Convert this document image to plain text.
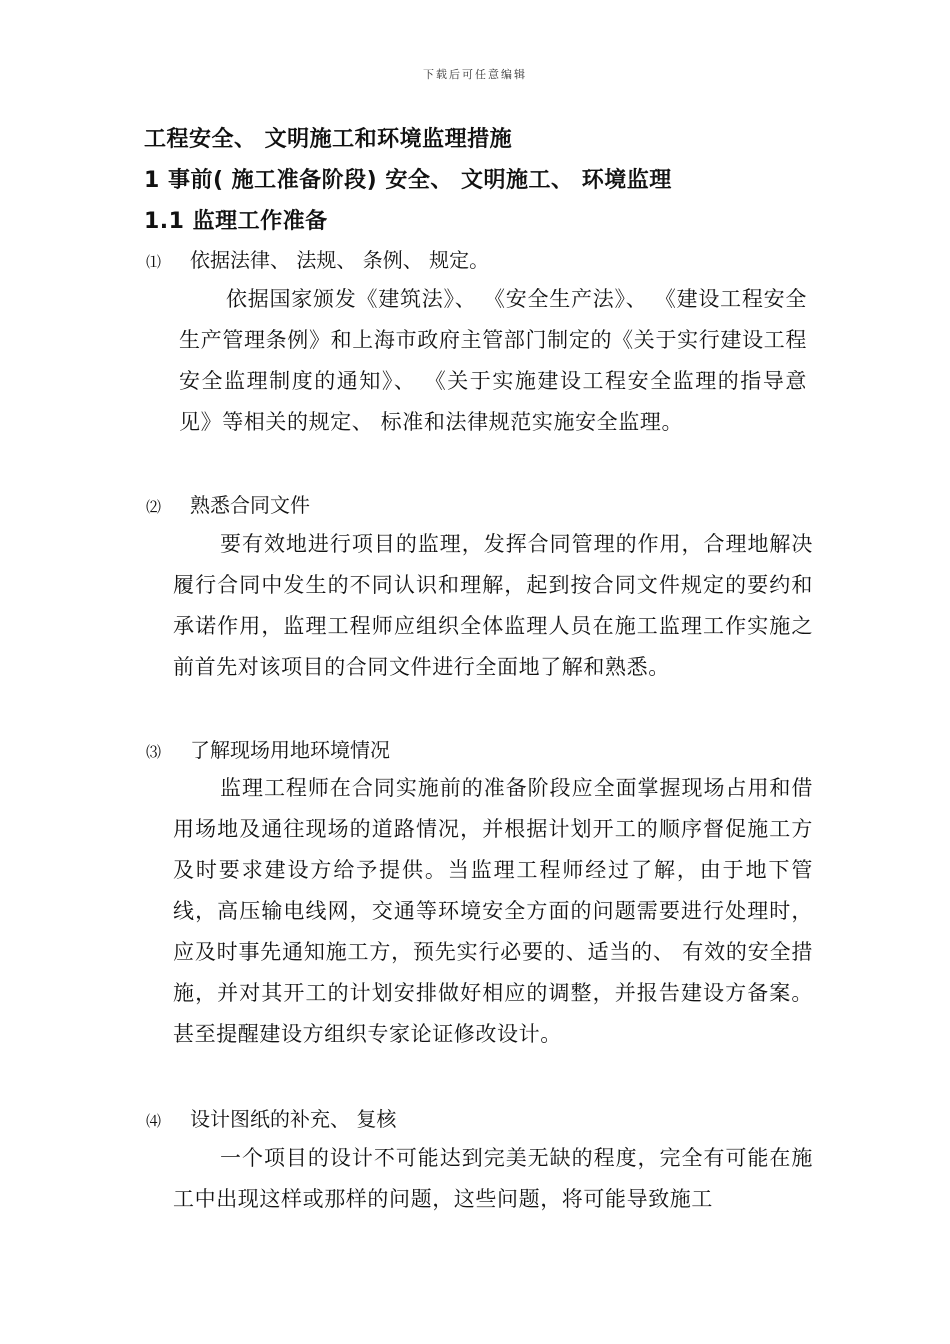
下载后可任意编辑
工程安全、 文明施工和环境监理措施
1 事前( 施工准备阶段) 安全、 文明施工、 环境监理
1.1 监理工作准备
⑴ 依据法律、 法规、 条例、 规定。

依据国家颁发《建筑法》、 《安全生产法》、 《建设工程安全生产管理条例》和上海市政府主管部门制定的《关于实行建设工程安全监理制度的通知》、 《关于实施建设工程安全监理的指导意见》等相关的规定、 标准和法律规范实施安全监理。

⑵ 熟悉合同文件

要有效地进行项目的监理，发挥合同管理的作用，合理地解决履行合同中发生的不同认识和理解，起到按合同文件规定的要约和承诺作用，监理工程师应组织全体监理人员在施工监理工作实施之前首先对该项目的合同文件进行全面地了解和熟悉。

⑶ 了解现场用地环境情况

监理工程师在合同实施前的准备阶段应全面掌握现场占用和借用场地及通往现场的道路情况，并根据计划开工的顺序督促施工方及时要求建设方给予提供。当监理工程师经过了解，由于地下管线，高压输电线网，交通等环境安全方面的问题需要进行处理时，应及时事先通知施工方，预先实行必要的、适当的、 有效的安全措施，并对其开工的计划安排做好相应的调整，并报告建设方备案。甚至提醒建设方组织专家论证修改设计。

⑷ 设计图纸的补充、 复核

一个项目的设计不可能达到完美无缺的程度，完全有可能在施工中出现这样或那样的问题，这些问题，将可能导致施工
